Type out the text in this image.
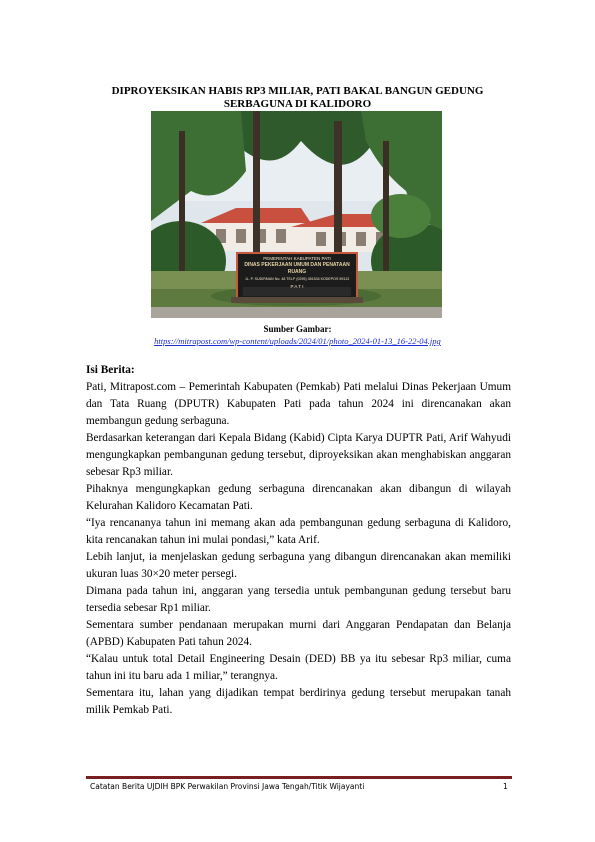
DIPROYEKSIKAN HABIS RP3 MILIAR, PATI BAKAL BANGUN GEDUNG SERBAGUNA DI KALIDORO
PEMERINTAH KABUPATEN PATI
DINAS PEKERJAAN UMUM DAN PENATAAN RUANG
JL. P. SUDIRMAN No. 48 TELP (0295) 381534 KODEPOS 59113
P A T I
Sumber Gambar:
https://mitrapost.com/wp-content/uploads/2024/01/photo_2024-01-13_16-22-04.jpg
Isi Berita:

Pati, Mitrapost.com – Pemerintah Kabupaten (Pemkab) Pati melalui Dinas Pekerjaan Umum dan Tata Ruang (DPUTR) Kabupaten Pati pada tahun 2024 ini direncanakan akan membangun gedung serbaguna.

Berdasarkan keterangan dari Kepala Bidang (Kabid) Cipta Karya DUPTR Pati, Arif Wahyudi mengungkapkan pembangunan gedung tersebut, diproyeksikan akan menghabiskan anggaran sebesar Rp3 miliar.

Pihaknya mengungkapkan gedung serbaguna direncanakan akan dibangun di wilayah Kelurahan Kalidoro Kecamatan Pati.

“Iya rencananya tahun ini memang akan ada pembangunan gedung serbaguna di Kalidoro, kita rencanakan tahun ini mulai pondasi,” kata Arif.

Lebih lanjut, ia menjelaskan gedung serbaguna yang dibangun direncanakan akan memiliki ukuran luas 30×20 meter persegi.

Dimana pada tahun ini, anggaran yang tersedia untuk pembangunan gedung tersebut baru tersedia sebesar Rp1 miliar.

Sementara sumber pendanaan merupakan murni dari Anggaran Pendapatan dan Belanja (APBD) Kabupaten Pati tahun 2024.

“Kalau untuk total Detail Engineering Desain (DED) BB ya itu sebesar Rp3 miliar, cuma tahun ini itu baru ada 1 miliar,” terangnya.

Sementara itu, lahan yang dijadikan tempat berdirinya gedung tersebut merupakan tanah milik Pemkab Pati.

Catatan Berita UJDIH BPK Perwakilan Provinsi Jawa Tengah/Titik Wijayanti	1
